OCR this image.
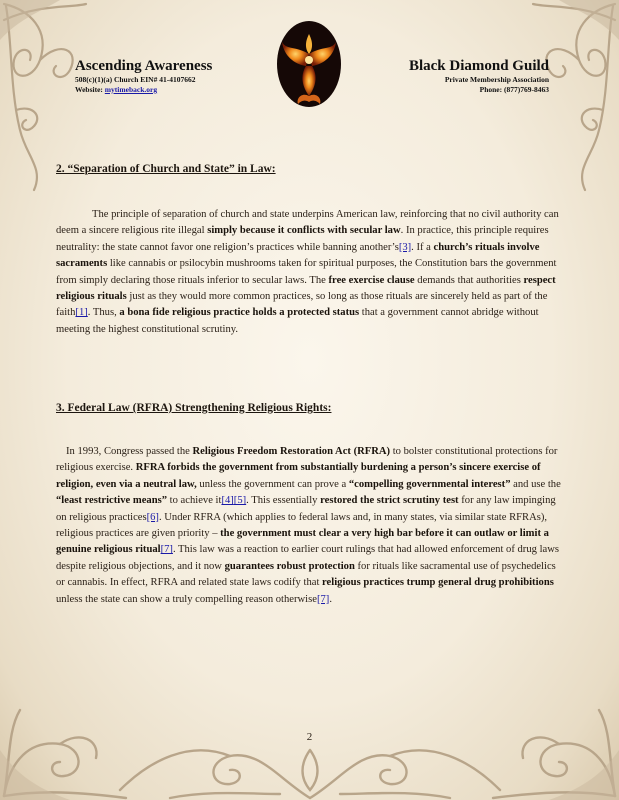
Ascending Awareness
508(c)(1)(a) Church EIN# 41-4107662
Website: mytimeback.org
Black Diamond Guild
Private Membership Association
Phone: (877)769-8463
2. “Separation of Church and State” in Law:
The principle of separation of church and state underpins American law, reinforcing that no civil authority can deem a sincere religious rite illegal simply because it conflicts with secular law. In practice, this principle requires neutrality: the state cannot favor one religion’s practices while banning another’s[3]. If a church’s rituals involve sacraments like cannabis or psilocybin mushrooms taken for spiritual purposes, the Constitution bars the government from simply declaring those rituals inferior to secular laws. The free exercise clause demands that authorities respect religious rituals just as they would more common practices, so long as those rituals are sincerely held as part of the faith[1]. Thus, a bona fide religious practice holds a protected status that a government cannot abridge without meeting the highest constitutional scrutiny.
3. Federal Law (RFRA) Strengthening Religious Rights:
In 1993, Congress passed the Religious Freedom Restoration Act (RFRA) to bolster constitutional protections for religious exercise. RFRA forbids the government from substantially burdening a person’s sincere exercise of religion, even via a neutral law, unless the government can prove a “compelling governmental interest” and use the “least restrictive means” to achieve it[4][5]. This essentially restored the strict scrutiny test for any law impinging on religious practices[6]. Under RFRA (which applies to federal laws and, in many states, via similar state RFRAs), religious practices are given priority – the government must clear a very high bar before it can outlaw or limit a genuine religious ritual[7]. This law was a reaction to earlier court rulings that had allowed enforcement of drug laws despite religious objections, and it now guarantees robust protection for rituals like sacramental use of psychedelics or cannabis. In effect, RFRA and related state laws codify that religious practices trump general drug prohibitions unless the state can show a truly compelling reason otherwise[7].
2
